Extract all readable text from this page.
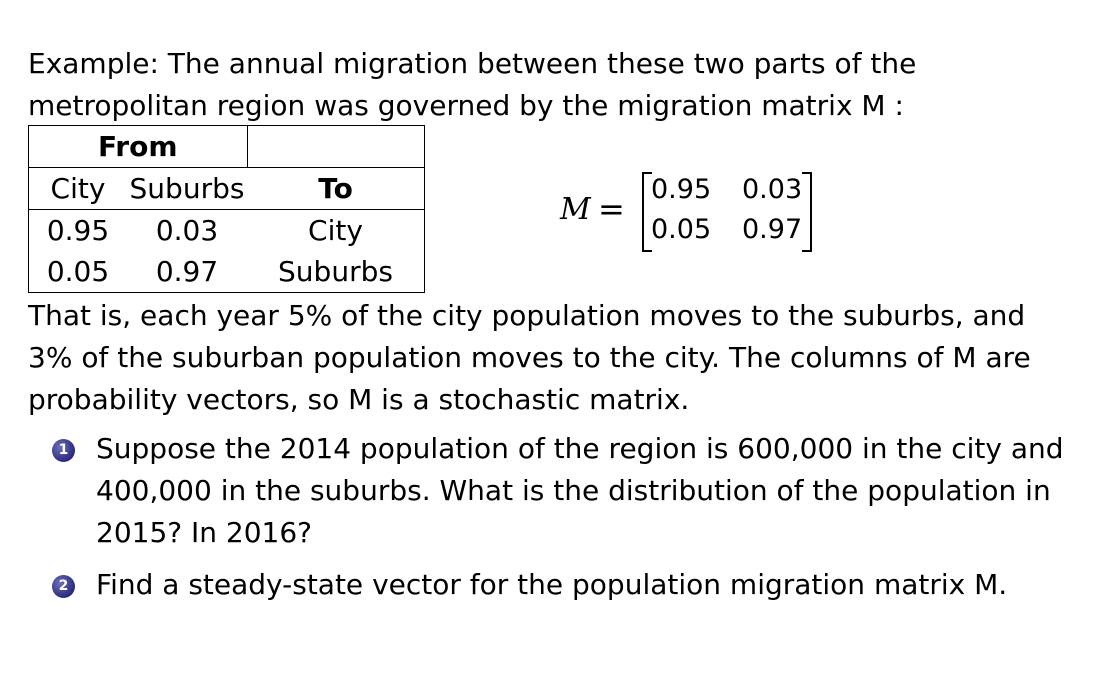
Example: The annual migration between these two parts of the
metropolitan region was governed by the migration matrix M :
From		
City	Suburbs	To
0.95	0.03	City
0.05	0.97	Suburbs
M =
0.95 0.03
0.05 0.97
That is, each year 5% of the city population moves to the suburbs, and
3% of the suburban population moves to the city. The columns of M are
probability vectors, so M is a stochastic matrix.
1 Suppose the 2014 population of the region is 600,000 in the city and
400,000 in the suburbs. What is the distribution of the population in
2015? In 2016?
2 Find a steady-state vector for the population migration matrix M.
